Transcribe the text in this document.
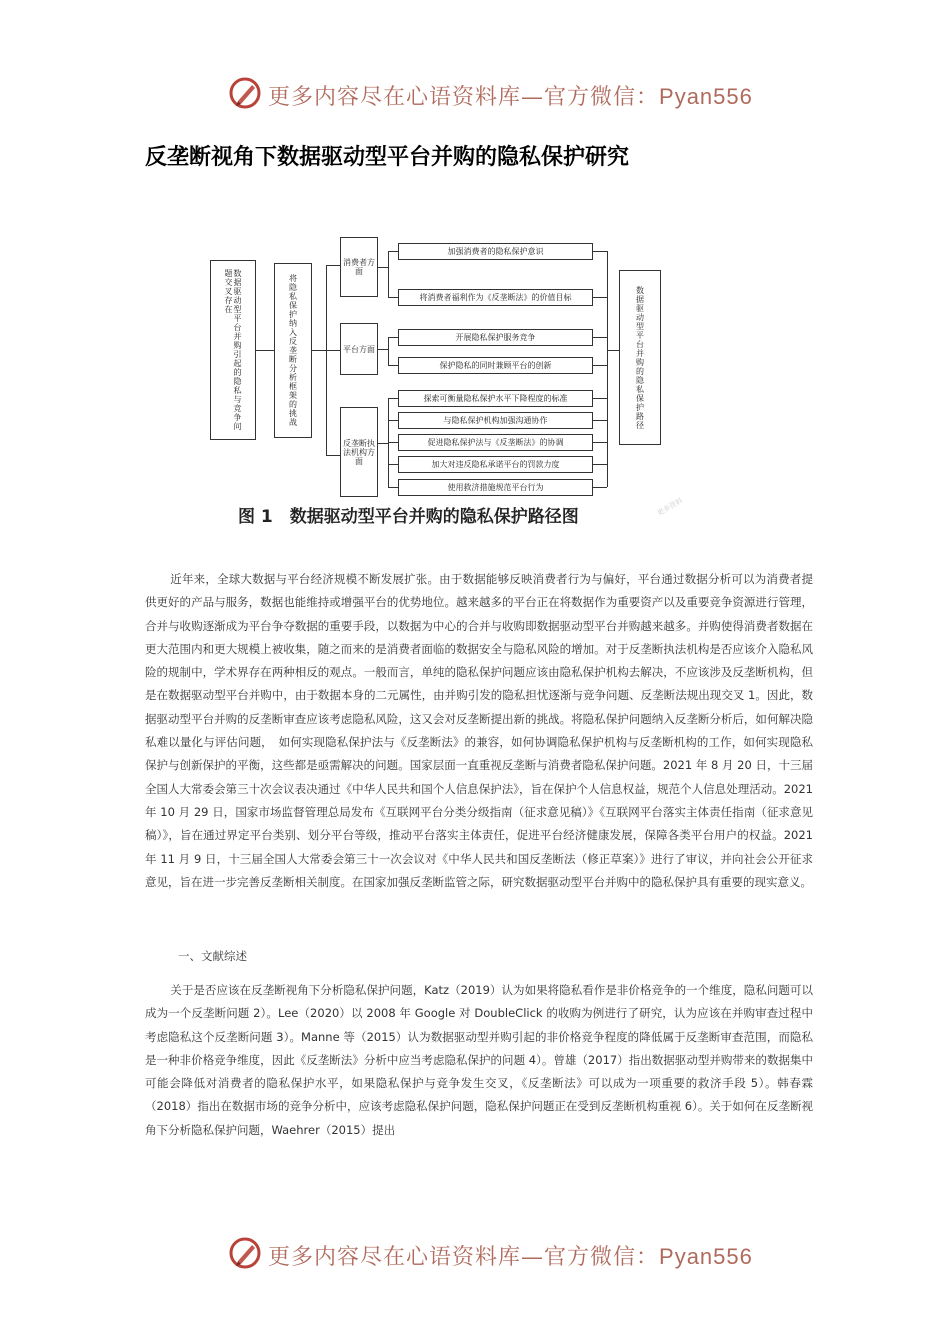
更多内容尽在心语资料库—官方微信：Pyan556
反垄断视角下数据驱动型平台并购的隐私保护研究
数据驱动型平台并购引起的隐私与竞争问题交叉存在	将隐私保护纳入反垄断分析框架的挑战
消费者方面
平台方面
反垄断执法机构方面
加强消费者的隐私保护意识
将消费者福利作为《反垄断法》的价值目标
开展隐私保护服务竞争
保护隐私的同时兼顾平台的创新
探索可衡量隐私保护水平下降程度的标准
与隐私保护机构加强沟通协作
促进隐私保护法与《反垄断法》的协调
加大对违反隐私承诺平台的罚款力度
使用救济措施规范平台行为
数据驱动型平台并购的隐私保护路径
图 1　数据驱动型平台并购的隐私保护路径图	更多资料

近年来，全球大数据与平台经济规模不断发展扩张。由于数据能够反映消费者行为与偏好，平台通过数据分析可以为消费者提供更好的产品与服务，数据也能维持或增强平台的优势地位。越来越多的平台正在将数据作为重要资产以及重要竞争资源进行管理，合并与收购逐渐成为平台争夺数据的重要手段，以数据为中心的合并与收购即数据驱动型平台并购越来越多。并购使得消费者数据在更大范围内和更大规模上被收集，随之而来的是消费者面临的数据安全与隐私风险的增加。对于反垄断执法机构是否应该介入隐私风险的规制中，学术界存在两种相反的观点。一般而言，单纯的隐私保护问题应该由隐私保护机构去解决，不应该涉及反垄断机构，但是在数据驱动型平台并购中，由于数据本身的二元属性，由并购引发的隐私担忧逐渐与竞争问题、反垄断法规出现交叉 1。因此，数据驱动型平台并购的反垄断审查应该考虑隐私风险，这又会对反垄断提出新的挑战。将隐私保护问题纳入反垄断分析后，如何解决隐私难以量化与评估问题，　如何实现隐私保护法与《反垄断法》的兼容，如何协调隐私保护机构与反垄断机构的工作，如何实现隐私保护与创新保护的平衡，这些都是亟需解决的问题。国家层面一直重视反垄断与消费者隐私保护问题。2021 年 8 月 20 日，十三届全国人大常委会第三十次会议表决通过《中华人民共和国个人信息保护法》，旨在保护个人信息权益，规范个人信息处理活动。2021 年 10 月 29 日，国家市场监督管理总局发布《互联网平台分类分级指南（征求意见稿）》《互联网平台落实主体责任指南（征求意见稿）》，旨在通过界定平台类别、划分平台等级，推动平台落实主体责任，促进平台经济健康发展，保障各类平台用户的权益。2021 年 11 月 9 日，十三届全国人大常委会第三十一次会议对《中华人民共和国反垄断法（修正草案）》进行了审议，并向社会公开征求意见，旨在进一步完善反垄断相关制度。在国家加强反垄断监管之际，研究数据驱动型平台并购中的隐私保护具有重要的现实意义。

一、文献综述

关于是否应该在反垄断视角下分析隐私保护问题，Katz（2019）认为如果将隐私看作是非价格竞争的一个维度，隐私问题可以成为一个反垄断问题 2）。Lee（2020）以 2008 年 Google 对 DoubleClick 的收购为例进行了研究，认为应该在并购审查过程中考虑隐私这个反垄断问题 3）。Manne 等（2015）认为数据驱动型并购引起的非价格竞争程度的降低属于反垄断审查范围，而隐私是一种非价格竞争维度，因此《反垄断法》分析中应当考虑隐私保护的问题 4）。曾雄（2017）指出数据驱动型并购带来的数据集中可能会降低对消费者的隐私保护水平，如果隐私保护与竞争发生交叉，《反垄断法》可以成为一项重要的救济手段 5）。韩春霖（2018）指出在数据市场的竞争分析中，应该考虑隐私保护问题，隐私保护问题正在受到反垄断机构重视 6）。关于如何在反垄断视角下分析隐私保护问题，Waehrer（2015）提出

更多内容尽在心语资料库—官方微信：Pyan556
